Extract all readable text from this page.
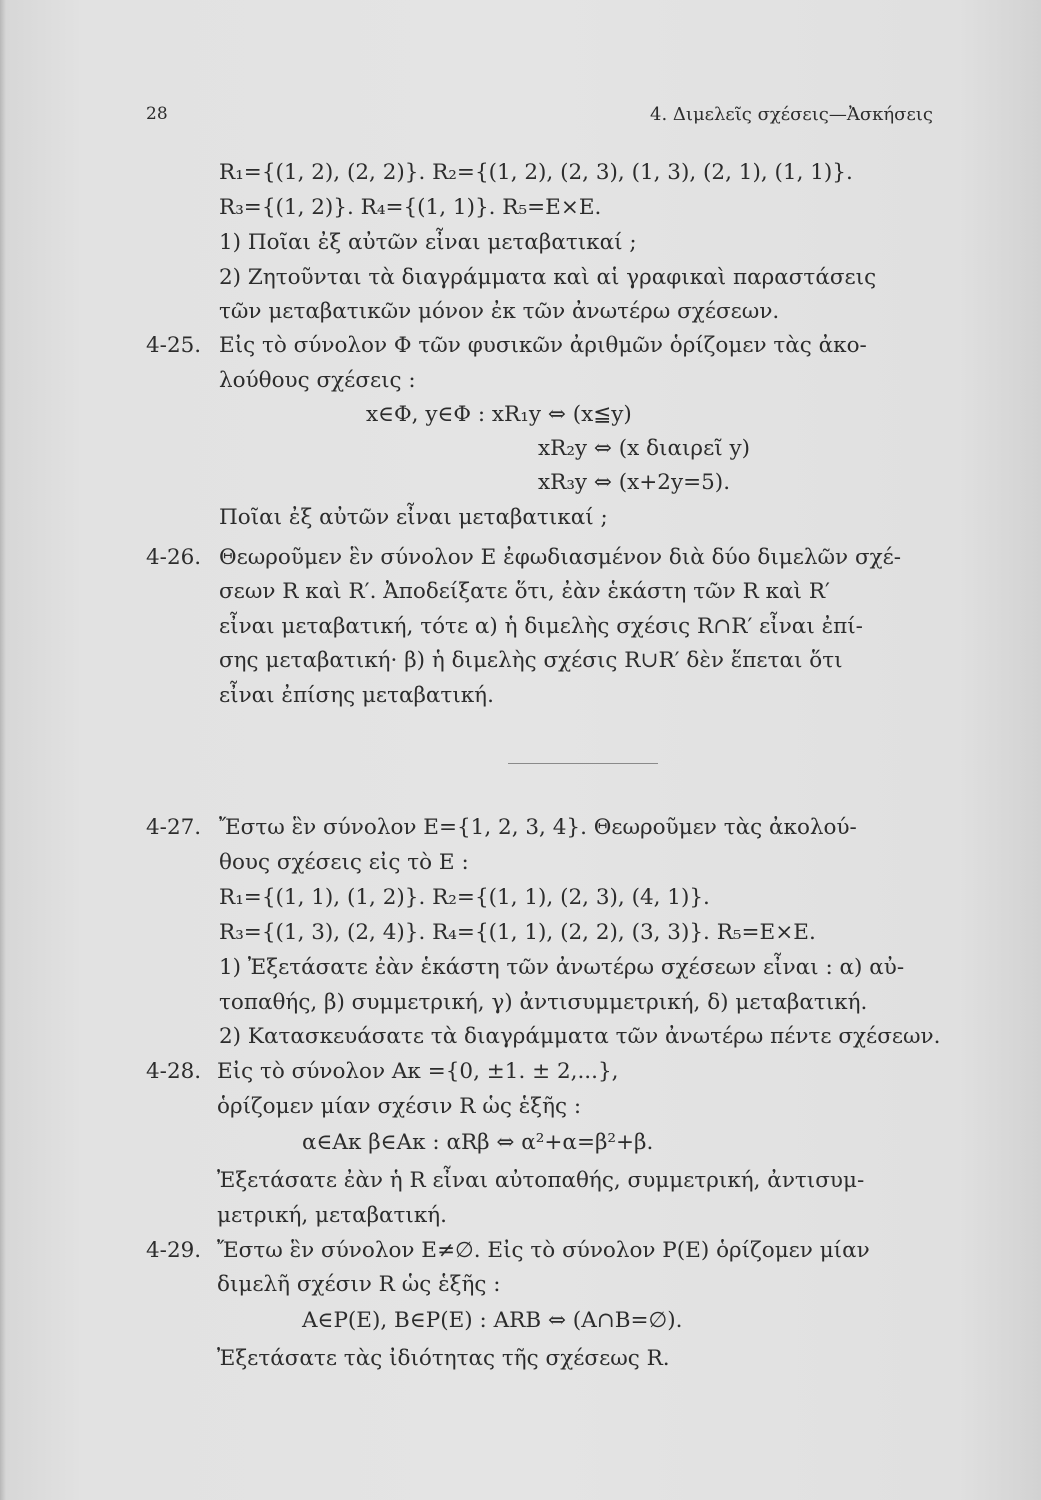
28	4. Διμελεῖς σχέσεις—Ἀσκήσεις
R₁={(1, 2), (2, 2)}. R₂={(1, 2), (2, 3), (1, 3), (2, 1), (1, 1)}.
R₃={(1, 2)}. R₄={(1, 1)}. R₅=E×E.
1) Ποῖαι ἐξ αὐτῶν εἶναι μεταβατικαί ;
2) Ζητοῦνται τὰ διαγράμματα καὶ αἱ γραφικαὶ παραστάσεις
τῶν μεταβατικῶν μόνον ἐκ τῶν ἀνωτέρω σχέσεων.
4-25. Εἰς τὸ σύνολον Φ τῶν φυσικῶν ἀριθμῶν ὁρίζομεν τὰς ἀκο-
λούθους σχέσεις :
x∈Φ, y∈Φ : xR₁y ⇔ (x≦y)
xR₂y ⇔ (x διαιρεῖ y)
xR₃y ⇔ (x+2y=5).
Ποῖαι ἐξ αὐτῶν εἶναι μεταβατικαί ;
4-26. Θεωροῦμεν ἓν σύνολον E ἐφωδιασμένον διὰ δύο διμελῶν σχέ-
σεων R καὶ R′. Ἀποδείξατε ὅτι, ἐὰν ἑκάστη τῶν R καὶ R′
εἶναι μεταβατική, τότε α) ἡ διμελὴς σχέσις R∩R′ εἶναι ἐπί-
σης μεταβατική· β) ἡ διμελὴς σχέσις R∪R′ δὲν ἕπεται ὅτι
εἶναι ἐπίσης μεταβατική.
4-27. Ἔστω ἓν σύνολον E={1, 2, 3, 4}. Θεωροῦμεν τὰς ἀκολού-
θους σχέσεις εἰς τὸ E :
R₁={(1, 1), (1, 2)}. R₂={(1, 1), (2, 3), (4, 1)}.
R₃={(1, 3), (2, 4)}. R₄={(1, 1), (2, 2), (3, 3)}. R₅=E×E.
1) Ἐξετάσατε ἐὰν ἑκάστη τῶν ἀνωτέρω σχέσεων εἶναι : α) αὐ-
τοπαθής, β) συμμετρική, γ) ἀντισυμμετρική, δ) μεταβατική.
2) Κατασκευάσατε τὰ διαγράμματα τῶν ἀνωτέρω πέντε σχέσεων.
4-28. Εἰς τὸ σύνολον Aκ ={0, ±1. ± 2,...},
ὁρίζομεν μίαν σχέσιν R ὡς ἑξῆς :
α∈Aκ β∈Aκ : αRβ ⇔ α²+α=β²+β.
Ἐξετάσατε ἐὰν ἡ R εἶναι αὐτοπαθής, συμμετρική, ἀντισυμ-
μετρική, μεταβατική.
4-29. Ἔστω ἓν σύνολον E≠∅. Εἰς τὸ σύνολον P(E) ὁρίζομεν μίαν
διμελῆ σχέσιν R ὡς ἑξῆς :
A∈P(E), B∈P(E) : ARB ⇔ (A∩B=∅).
Ἐξετάσατε τὰς ἰδιότητας τῆς σχέσεως R.
